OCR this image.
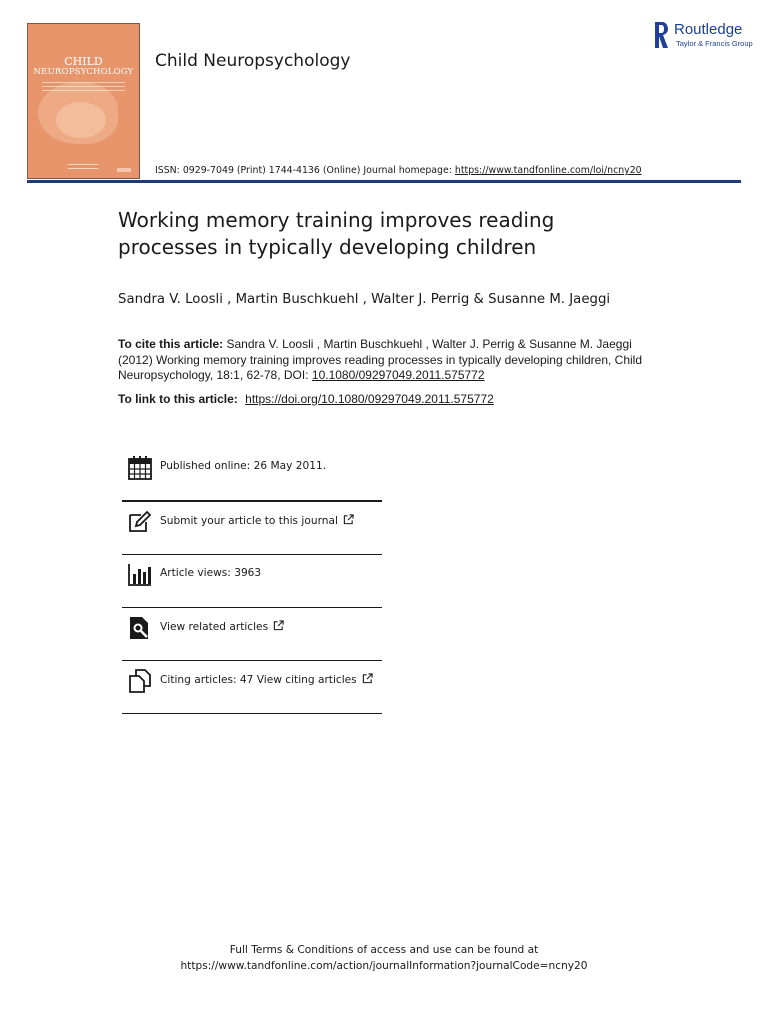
CHILD
NEUROPSYCHOLOGY
Child Neuropsychology
Routledge
Taylor & Francis Group
ISSN: 0929-7049 (Print) 1744-4136 (Online) Journal homepage: https://www.tandfonline.com/loi/ncny20
Working memory training improves reading processes in typically developing children
Sandra V. Loosli , Martin Buschkuehl , Walter J. Perrig & Susanne M. Jaeggi
To cite this article: Sandra V. Loosli , Martin Buschkuehl , Walter J. Perrig & Susanne M. Jaeggi (2012) Working memory training improves reading processes in typically developing children, Child Neuropsychology, 18:1, 62-78, DOI: 10.1080/09297049.2011.575772
To link to this article: https://doi.org/10.1080/09297049.2011.575772
Published online: 26 May 2011.
Submit your article to this journal
Article views: 3963
View related articles
Citing articles: 47 View citing articles
Full Terms & Conditions of access and use can be found at
https://www.tandfonline.com/action/journalInformation?journalCode=ncny20
